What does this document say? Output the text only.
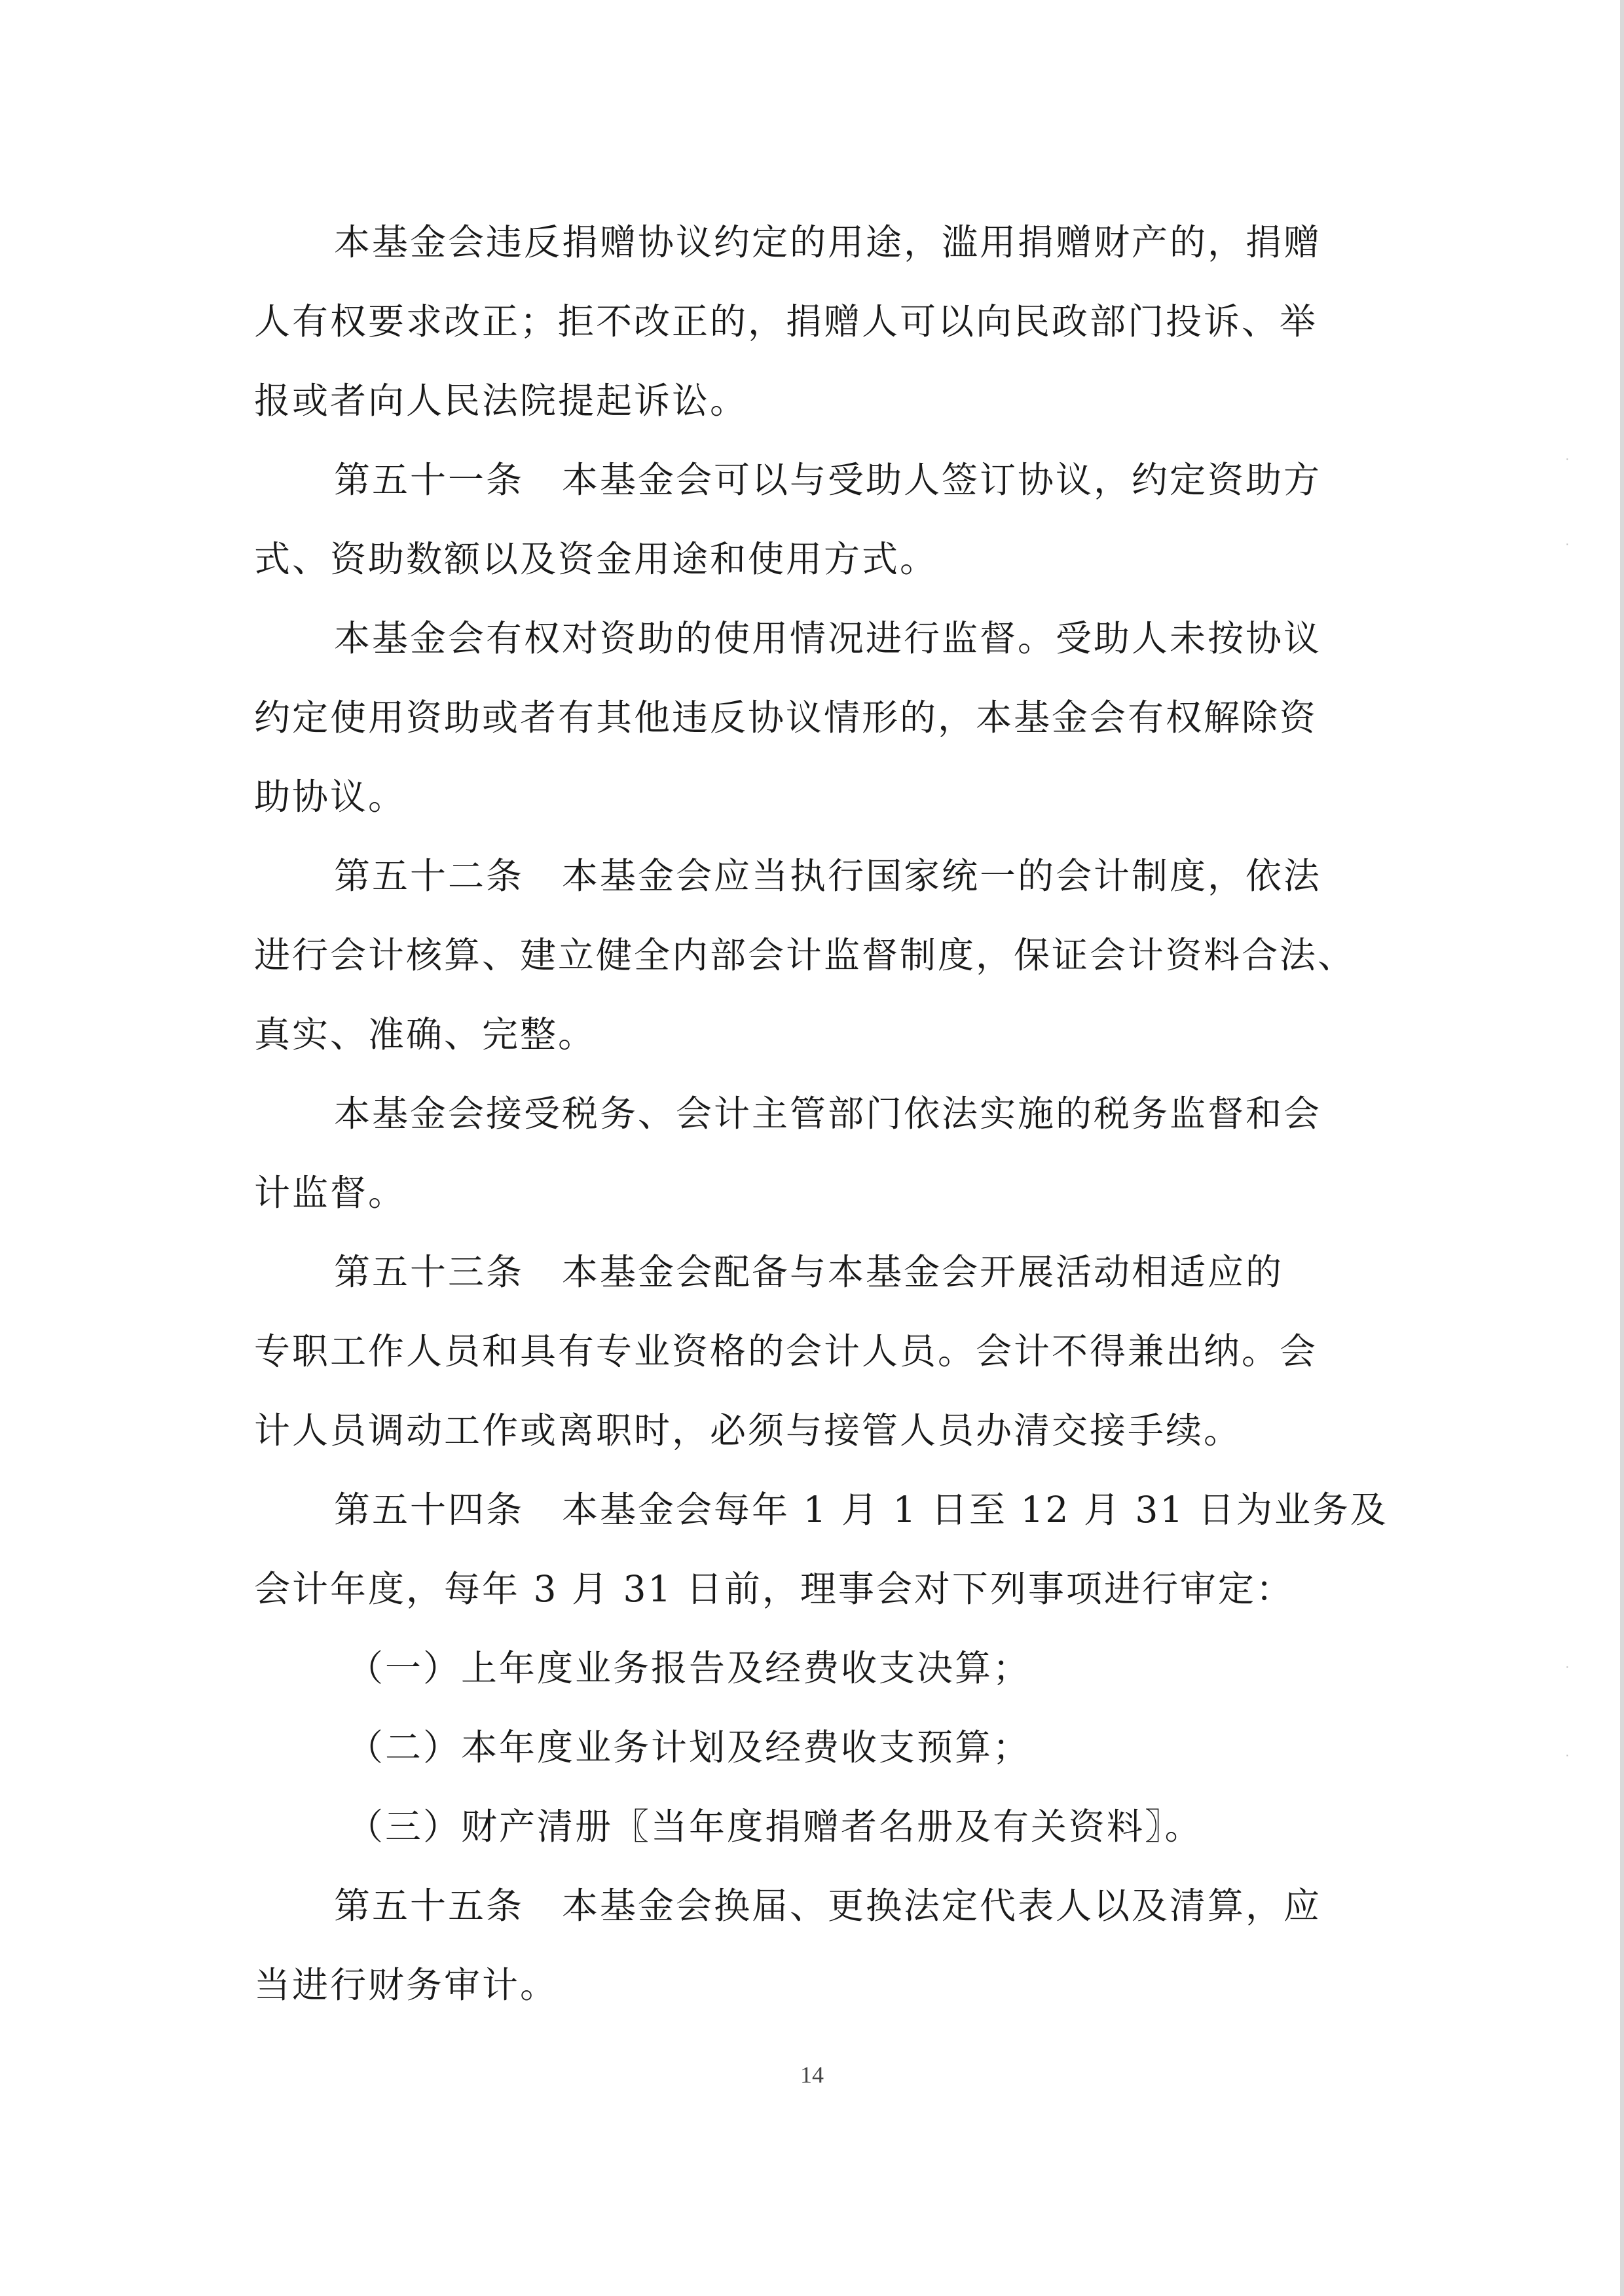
·
·
·
·
本基金会违反捐赠协议约定的用途，滥用捐赠财产的，捐赠
人有权要求改正；拒不改正的，捐赠人可以向民政部门投诉、举
报或者向人民法院提起诉讼。
第五十一条　本基金会可以与受助人签订协议，约定资助方
式、资助数额以及资金用途和使用方式。
本基金会有权对资助的使用情况进行监督。受助人未按协议
约定使用资助或者有其他违反协议情形的，本基金会有权解除资
助协议。
第五十二条　本基金会应当执行国家统一的会计制度，依法
进行会计核算、建立健全内部会计监督制度，保证会计资料合法、
真实、准确、完整。
本基金会接受税务、会计主管部门依法实施的税务监督和会
计监督。
第五十三条　本基金会配备与本基金会开展活动相适应的
专职工作人员和具有专业资格的会计人员。会计不得兼出纳。会
计人员调动工作或离职时，必须与接管人员办清交接手续。
第五十四条　本基金会每年 1 月 1 日至 12 月 31 日为业务及
会计年度，每年 3 月 31 日前，理事会对下列事项进行审定：
（一）上年度业务报告及经费收支决算；
（二）本年度业务计划及经费收支预算；
（三）财产清册〖当年度捐赠者名册及有关资料〗。
第五十五条　本基金会换届、更换法定代表人以及清算，应
当进行财务审计。
14
